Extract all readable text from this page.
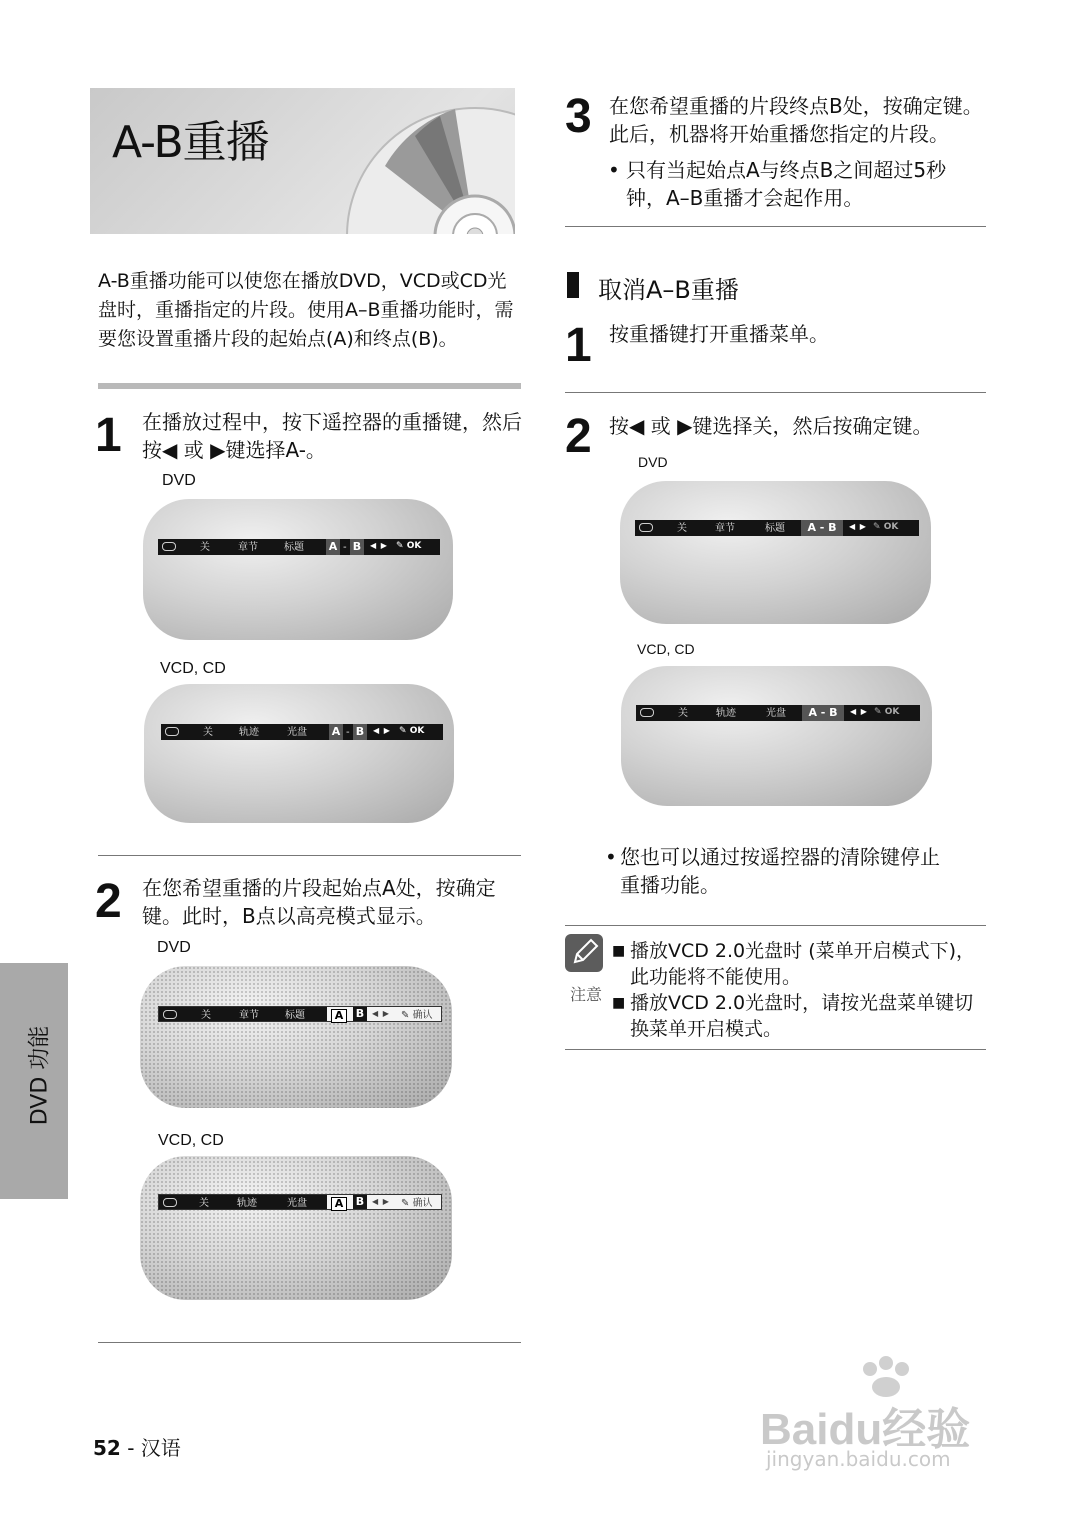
A-B重播
A-B重播功能可以使您在播放DVD，VCD或CD光盘时，重播指定的片段。使用A–B重播功能时，需要您设置重播片段的起始点(A)和终点(B)。
1 在播放过程中，按下遥控器的重播键，然后按◀ 或 ▶键选择A-。
DVD
关	章节	标题 A - B	◀ ▶ ✎ OK
VCD, CD
关	轨迹	光盘 A - B	◀ ▶ ✎ OK
2 在您希望重播的片段起始点A处，按确定键。此时，B点以高亮模式显示。
DVD
关	章节	标题	A	B ◀ ▶ ✎ 确认
VCD, CD
关	轨迹	光盘	A	B ◀ ▶ ✎ 确认
DVD 功能
3 在您希望重播的片段终点B处，按确定键。此后，机器将开始重播您指定的片段。
• 只有当起始点A与终点B之间超过5秒钟，A–B重播才会起作用。
取消A–B重播
1 按重播键打开重播菜单。
2 按◀ 或 ▶键选择关，然后按确定键。
DVD
关	章节	标题	A - B	◀ ▶ ✎ OK
VCD, CD
关	轨迹	光盘	A - B	◀ ▶ ✎ OK
• 您也可以通过按遥控器的清除键停止重播功能。
注意
■ 播放VCD 2.0光盘时 (菜单开启模式下)，此功能将不能使用。
■ 播放VCD 2.0光盘时，请按光盘菜单键切换菜单开启模式。
52 - 汉语	Baidu经验
jingyan.baidu.com
